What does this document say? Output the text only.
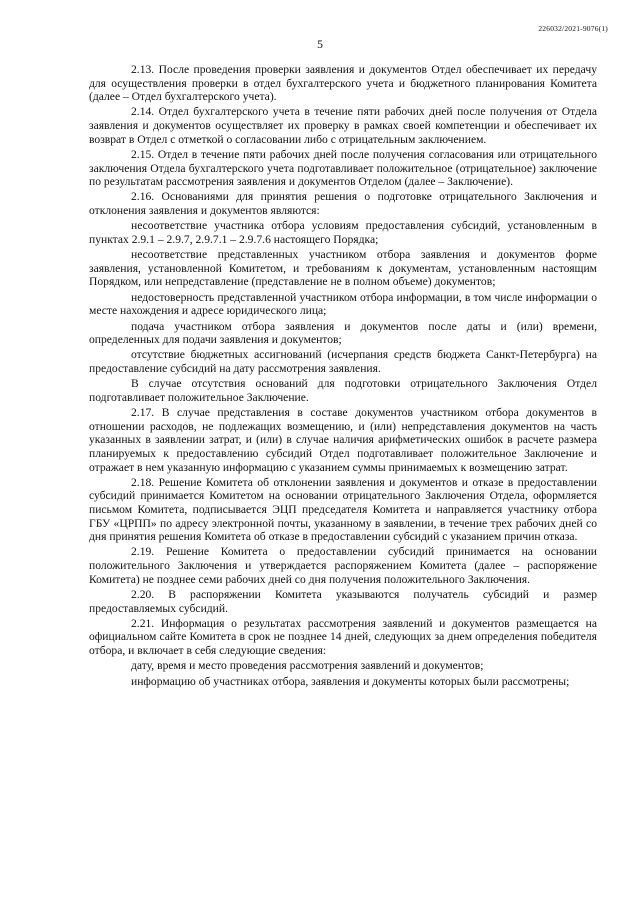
226032/2021-9076(1)
5

2.13. После проведения проверки заявления и документов Отдел обеспечивает их передачу для осуществления проверки в отдел бухгалтерского учета и бюджетного планирования Комитета (далее – Отдел бухгалтерского учета).

2.14. Отдел бухгалтерского учета в течение пяти рабочих дней после получения от Отдела заявления и документов осуществляет их проверку в рамках своей компетенции и обеспечивает их возврат в Отдел с отметкой о согласовании либо с отрицательным заключением.

2.15. Отдел в течение пяти рабочих дней после получения согласования или отрицательного заключения Отдела бухгалтерского учета подготавливает положительное (отрицательное) заключение по результатам рассмотрения заявления и документов Отделом (далее – Заключение).

2.16. Основаниями для принятия решения о подготовке отрицательного Заключения и отклонения заявления и документов являются:

несоответствие участника отбора условиям предоставления субсидий, установленным в пунктах 2.9.1 – 2.9.7, 2.9.7.1 – 2.9.7.6 настоящего Порядка;

несоответствие представленных участником отбора заявления и документов форме заявления, установленной Комитетом, и требованиям к документам, установленным настоящим Порядком, или непредставление (представление не в полном объеме) документов;

недостоверность представленной участником отбора информации, в том числе информации о месте нахождения и адресе юридического лица;

подача участником отбора заявления и документов после даты и (или) времени, определенных для подачи заявления и документов;

отсутствие бюджетных ассигнований (исчерпания средств бюджета Санкт-Петербурга) на предоставление субсидий на дату рассмотрения заявления.

В случае отсутствия оснований для подготовки отрицательного Заключения Отдел подготавливает положительное Заключение.

2.17. В случае представления в составе документов участником отбора документов в отношении расходов, не подлежащих возмещению, и (или) непредставления документов на часть указанных в заявлении затрат, и (или) в случае наличия арифметических ошибок в расчете размера планируемых к предоставлению субсидий Отдел подготавливает положительное Заключение и отражает в нем указанную информацию с указанием суммы принимаемых к возмещению затрат.

2.18. Решение Комитета об отклонении заявления и документов и отказе в предоставлении субсидий принимается Комитетом на основании отрицательного Заключения Отдела, оформляется письмом Комитета, подписывается ЭЦП председателя Комитета и направляется участнику отбора ГБУ «ЦРПП» по адресу электронной почты, указанному в заявлении, в течение трех рабочих дней со дня принятия решения Комитета об отказе в предоставлении субсидий с указанием причин отказа.

2.19. Решение Комитета о предоставлении субсидий принимается на основании положительного Заключения и утверждается распоряжением Комитета (далее – распоряжение Комитета) не позднее семи рабочих дней со дня получения положительного Заключения.

2.20. В распоряжении Комитета указываются получатель субсидий и размер предоставляемых субсидий.

2.21. Информация о результатах рассмотрения заявлений и документов размещается на официальном сайте Комитета в срок не позднее 14 дней, следующих за днем определения победителя отбора, и включает в себя следующие сведения:

дату, время и место проведения рассмотрения заявлений и документов;

информацию об участниках отбора, заявления и документы которых были рассмотрены;
